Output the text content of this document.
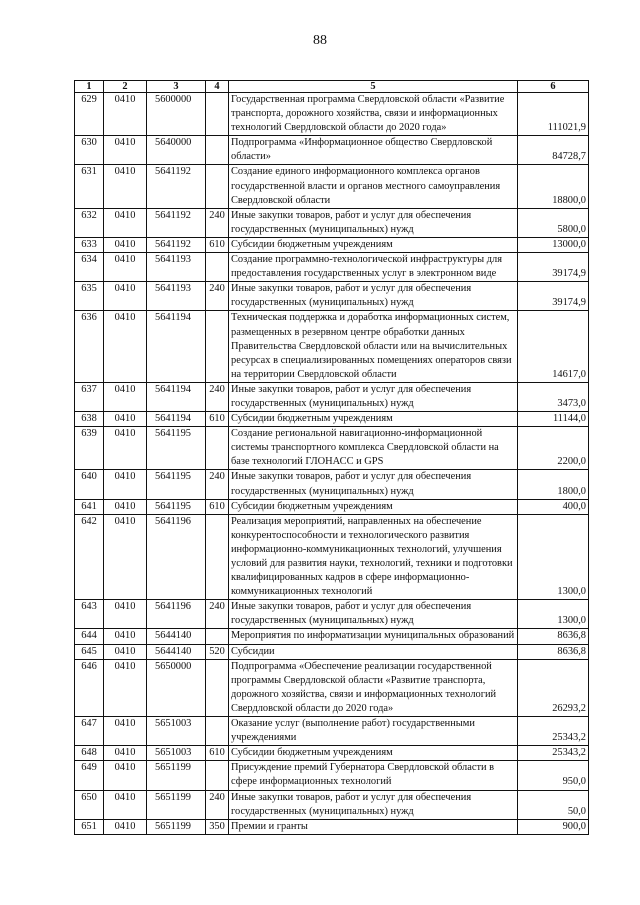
88
1	2	3	4	5	6
629	0410	5600000		Государственная программа Свердловской области «Развитие транспорта, дорожного хозяйства, связи и информационных технологий Свердловской области до 2020 года»	111021,9
630	0410	5640000		Подпрограмма «Информационное общество Свердловской области»	84728,7
631	0410	5641192		Создание единого информационного комплекса органов государственной власти и органов местного самоуправления Свердловской области	18800,0
632	0410	5641192	240	Иные закупки товаров, работ и услуг для обеспечения государственных (муниципальных) нужд	5800,0
633	0410	5641192	610	Субсидии бюджетным учреждениям	13000,0
634	0410	5641193		Создание программно-технологической инфраструктуры для предоставления государственных услуг в электронном виде	39174,9
635	0410	5641193	240	Иные закупки товаров, работ и услуг для обеспечения государственных (муниципальных) нужд	39174,9
636	0410	5641194		Техническая поддержка и доработка информационных систем, размещенных в резервном центре обработки данных Правительства Свердловской области или на вычислительных ресурсах в специализированных помещениях операторов связи на территории Свердловской области	14617,0
637	0410	5641194	240	Иные закупки товаров, работ и услуг для обеспечения государственных (муниципальных) нужд	3473,0
638	0410	5641194	610	Субсидии бюджетным учреждениям	11144,0
639	0410	5641195		Создание региональной навигационно-информационной системы транспортного комплекса Свердловской области на базе технологий ГЛОНАСС и GPS	2200,0
640	0410	5641195	240	Иные закупки товаров, работ и услуг для обеспечения государственных (муниципальных) нужд	1800,0
641	0410	5641195	610	Субсидии бюджетным учреждениям	400,0
642	0410	5641196		Реализация мероприятий, направленных на обеспечение конкурентоспособности и технологического развития информационно-коммуникационных технологий, улучшения условий для развития науки, технологий, техники и подготовки квалифицированных кадров в сфере информационно-коммуникационных технологий	1300,0
643	0410	5641196	240	Иные закупки товаров, работ и услуг для обеспечения государственных (муниципальных) нужд	1300,0
644	0410	5644140		Мероприятия по информатизации муниципальных образований	8636,8
645	0410	5644140	520	Субсидии	8636,8
646	0410	5650000		Подпрограмма «Обеспечение реализации государственной программы Свердловской области «Развитие транспорта, дорожного хозяйства, связи и информационных технологий Свердловской области до 2020 года»	26293,2
647	0410	5651003		Оказание услуг (выполнение работ) государственными учреждениями	25343,2
648	0410	5651003	610	Субсидии бюджетным учреждениям	25343,2
649	0410	5651199		Присуждение премий Губернатора Свердловской области в сфере информационных технологий	950,0
650	0410	5651199	240	Иные закупки товаров, работ и услуг для обеспечения государственных (муниципальных) нужд	50,0
651	0410	5651199	350	Премии и гранты	900,0
